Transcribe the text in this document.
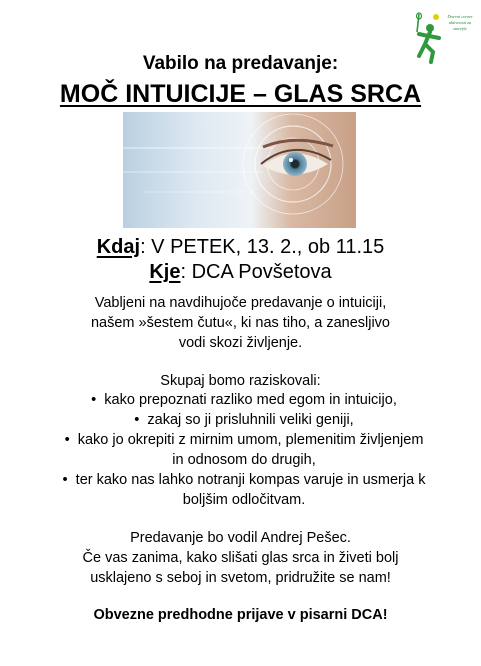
Dnevni center aktivnosti za starejše
Vabilo na predavanje:
MOČ INTUICIJE – GLAS SRCA
Kdaj: V PETEK, 13. 2., ob 11.15
Kje: DCA Povšetova
Vabljeni na navdihujoče predavanje o intuiciji,
našem »šestem čutu«, ki nas tiho, a zanesljivo
vodi skozi življenje.
Skupaj bomo raziskovali:
•  kako prepoznati razliko med egom in intuicijo,
•  zakaj so ji prisluhnili veliki geniji,
•  kako jo okrepiti z mirnim umom, plemenitim življenjem in odnosom do drugih,
•  ter kako nas lahko notranji kompas varuje in usmerja k boljšim odločitvam.
Predavanje bo vodil Andrej Pešec.
Če vas zanima, kako slišati glas srca in živeti bolj
usklajeno s seboj in svetom, pridružite se nam!
Obvezne predhodne prijave v pisarni DCA!
